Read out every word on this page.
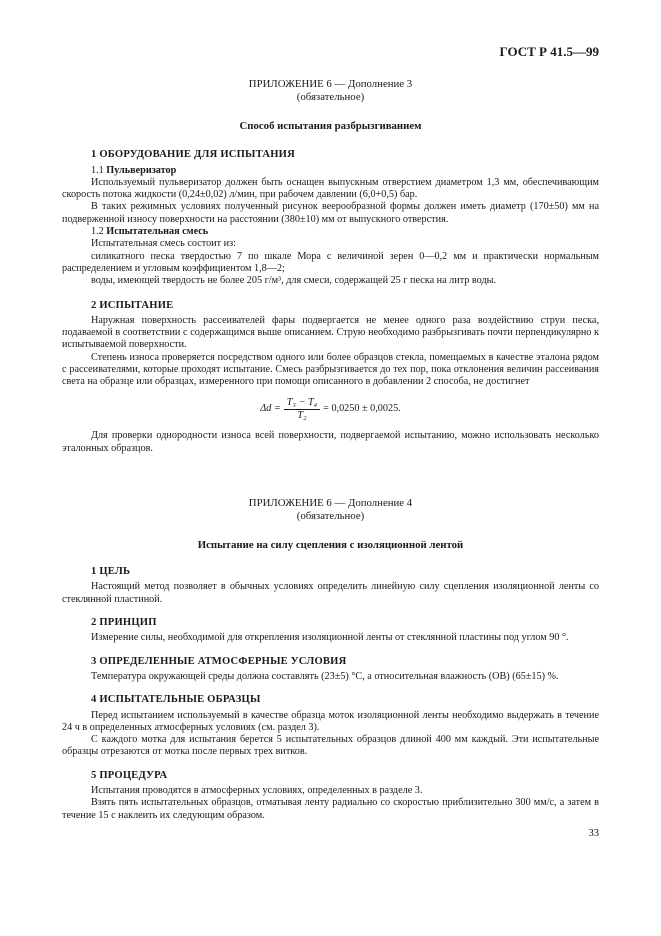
ГОСТ Р 41.5—99
ПРИЛОЖЕНИЕ 6 — Дополнение 3
(обязательное)

Способ испытания разбрызгиванием

1 ОБОРУДОВАНИЕ ДЛЯ ИСПЫТАНИЯ

1.1 Пульверизатор

Используемый пульверизатор должен быть оснащен выпускным отверстием диаметром 1,3 мм, обеспечивающим скорость потока жидкости (0,24±0,02) л/мин, при рабочем давлении (6,0+0,5) бар.

В таких режимных условиях полученный рисунок веерообразной формы должен иметь диаметр (170±50) мм на подверженной износу поверхности на расстоянии (380±10) мм от выпускного отверстия.

1.2 Испытательная смесь

Испытательная смесь состоит из:

силикатного песка твердостью 7 по шкале Мора с величиной зерен 0—0,2 мм и практически нормальным распределением и угловым коэффициентом 1,8—2;

воды, имеющей твердость не более 205 г/м³, для смеси, содержащей 25 г песка на литр воды.

2 ИСПЫТАНИЕ

Наружная поверхность рассеивателей фары подвергается не менее одного раза воздействию струи песка, подаваемой в соответствии с содержащимся выше описанием. Струю необходимо разбрызгивать почти перпендикулярно к испытываемой поверхности.

Степень износа проверяется посредством одного или более образцов стекла, помещаемых в качестве эталона рядом с рассеивателями, которые проходят испытание. Смесь разбрызгивается до тех пор, пока отклонения величин рассеивания света на образце или образцах, измеренного при помощи описанного в добавлении 2 способа, не достигнет

$\Delta d = \frac{\text{T₃ − T₄}}{\text{T₂}} = 0,0250 \pm 0,0025$.

Для проверки однородности износа всей поверхности, подвергаемой испытанию, можно использовать несколько эталонных образцов.

ПРИЛОЖЕНИЕ 6 — Дополнение 4
(обязательное)

Испытание на силу сцепления с изоляционной лентой

1 ЦЕЛЬ

Настоящий метод позволяет в обычных условиях определить линейную силу сцепления изоляционной ленты со стеклянной пластиной.

2 ПРИНЦИП

Измерение силы, необходимой для открепления изоляционной ленты от стеклянной пластины под углом 90 °.

3 ОПРЕДЕЛЕННЫЕ АТМОСФЕРНЫЕ УСЛОВИЯ

Температура окружающей среды должна составлять (23±5) °С, а относительная влажность (ОВ) (65±15) %.

4 ИСПЫТАТЕЛЬНЫЕ ОБРАЗЦЫ

Перед испытанием используемый в качестве образца моток изоляционной ленты необходимо выдержать в течение 24 ч в определенных атмосферных условиях (см. раздел 3).

С каждого мотка для испытания берется 5 испытательных образцов длиной 400 мм каждый. Эти испытательные образцы отрезаются от мотка после первых трех витков.

5 ПРОЦЕДУРА

Испытания проводятся в атмосферных условиях, определенных в разделе 3.

Взять пять испытательных образцов, отматывая ленту радиально со скоростью приблизительно 300 мм/с, а затем в течение 15 с наклеить их следующим образом.

33
